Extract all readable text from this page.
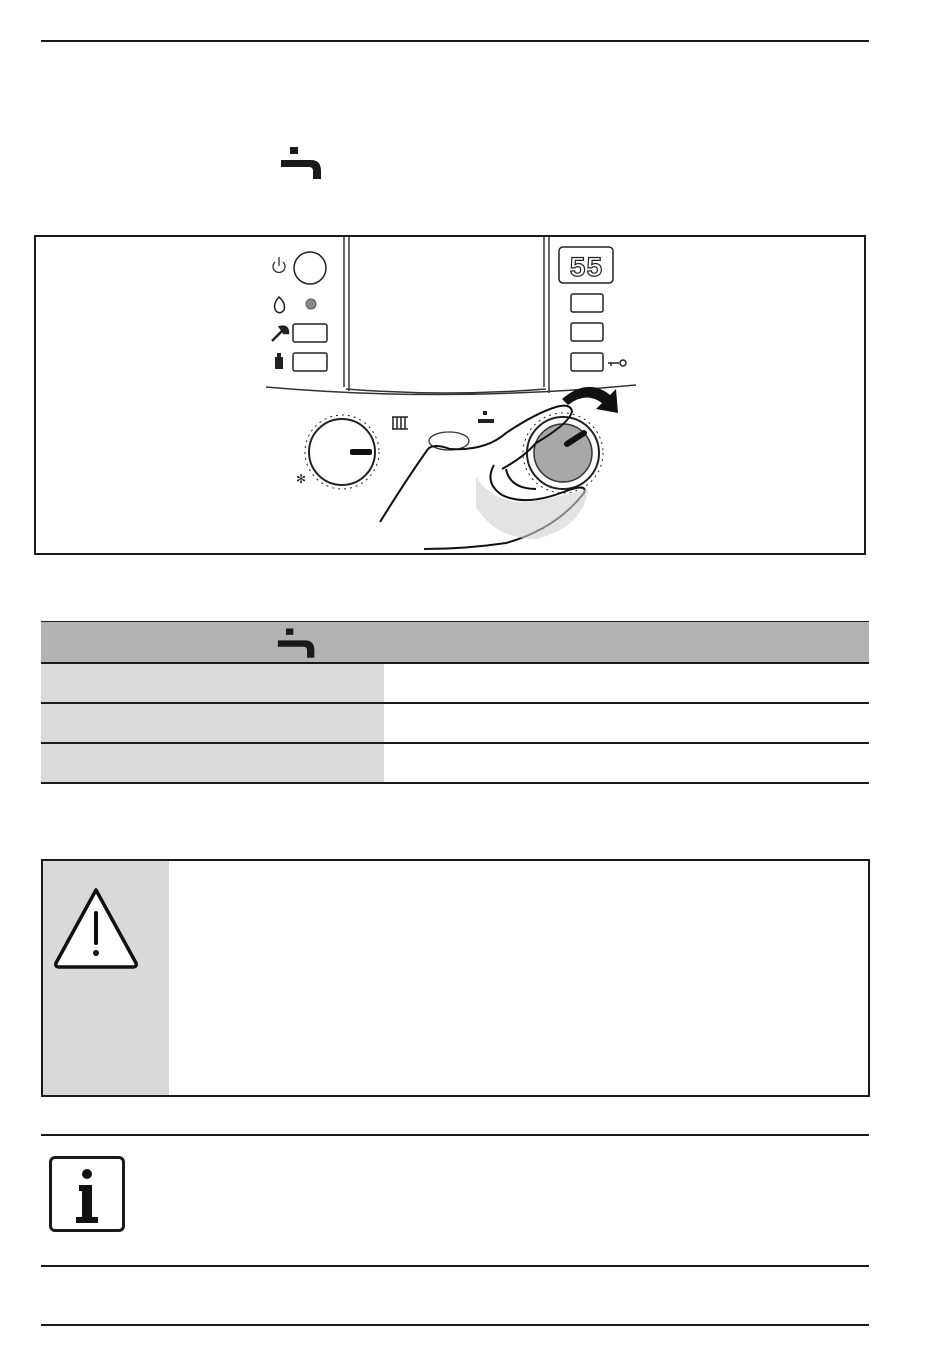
55
✻
